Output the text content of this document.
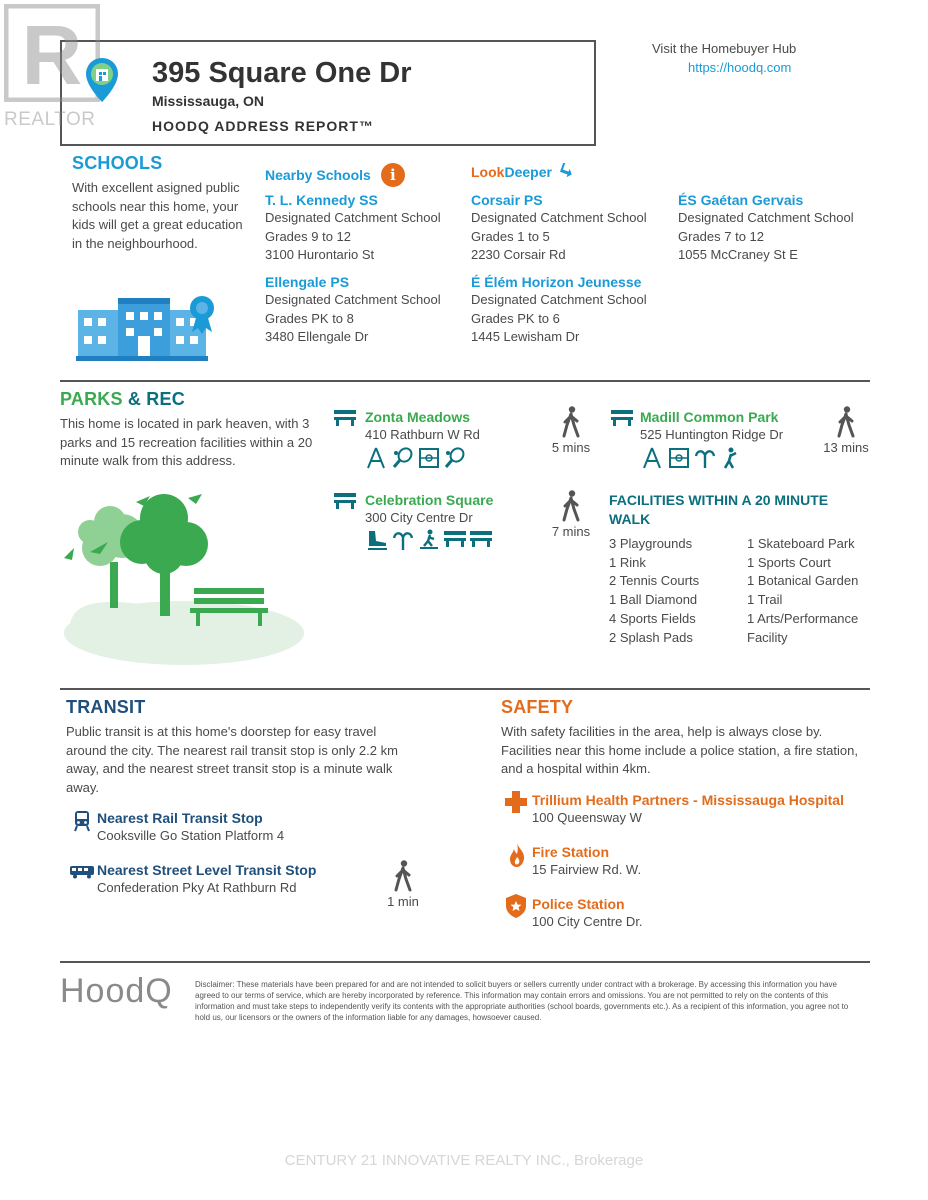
R
REALTOR
395 Square One Dr
Mississauga, ON
HOODQ ADDRESS REPORT™
Visit the Homebuyer Hub
https://hoodq.com
SCHOOLS
With excellent asigned public schools near this home, your kids will get a great education in the neighbourhood.
Nearby Schools	i	LookDeeper
T. L. Kennedy SS
Designated Catchment School
Grades 9 to 12
3100 Hurontario St
Corsair PS
Designated Catchment School
Grades 1 to 5
2230 Corsair Rd
ÉS Gaétan Gervais
Designated Catchment School
Grades 7 to 12
1055 McCraney St E
Ellengale PS
Designated Catchment School
Grades PK to 8
3480 Ellengale Dr
É Élém Horizon Jeunesse
Designated Catchment School
Grades PK to 6
1445 Lewisham Dr
PARKS & REC
This home is located in park heaven, with 3 parks and 15 recreation facilities within a 20 minute walk from this address.
Zonta Meadows
410 Rathburn W Rd
5 mins
Madill Common Park
525 Huntington Ridge Dr
13 mins
Celebration Square
300 City Centre Dr
7 mins
FACILITIES WITHIN A 20 MINUTE WALK
3 Playgrounds
1 Rink
2 Tennis Courts
1 Ball Diamond
4 Sports Fields
2 Splash Pads
1 Skateboard Park
1 Sports Court
1 Botanical Garden
1 Trail
1 Arts/Performance Facility
TRANSIT
Public transit is at this home's doorstep for easy travel around the city. The nearest rail transit stop is only 2.2 km away, and the nearest street transit stop is a minute walk away.
Nearest Rail Transit Stop
Cooksville Go Station Platform 4
Nearest Street Level Transit Stop
Confederation Pky At Rathburn Rd
1 min
SAFETY
With safety facilities in the area, help is always close by. Facilities near this home include a police station, a fire station, and a hospital within 4km.
Trillium Health Partners - Mississauga Hospital
100 Queensway W
Fire Station
15 Fairview Rd. W.
Police Station
100 City Centre Dr.
HoodQ	Disclaimer: These materials have been prepared for and are not intended to solicit buyers or sellers currently under contract with a brokerage. By accessing this information you have agreed to our terms of service, which are hereby incorporated by reference. This information may contain errors and omissions. You are not permitted to rely on the contents of this information and must take steps to independently verify its contents with the appropriate authorities (school boards, governments etc.). As a recipient of this information, you agree not to hold us, our licensors or the owners of the information liable for any damages, howsoever caused.
CENTURY 21 INNOVATIVE REALTY INC., Brokerage
